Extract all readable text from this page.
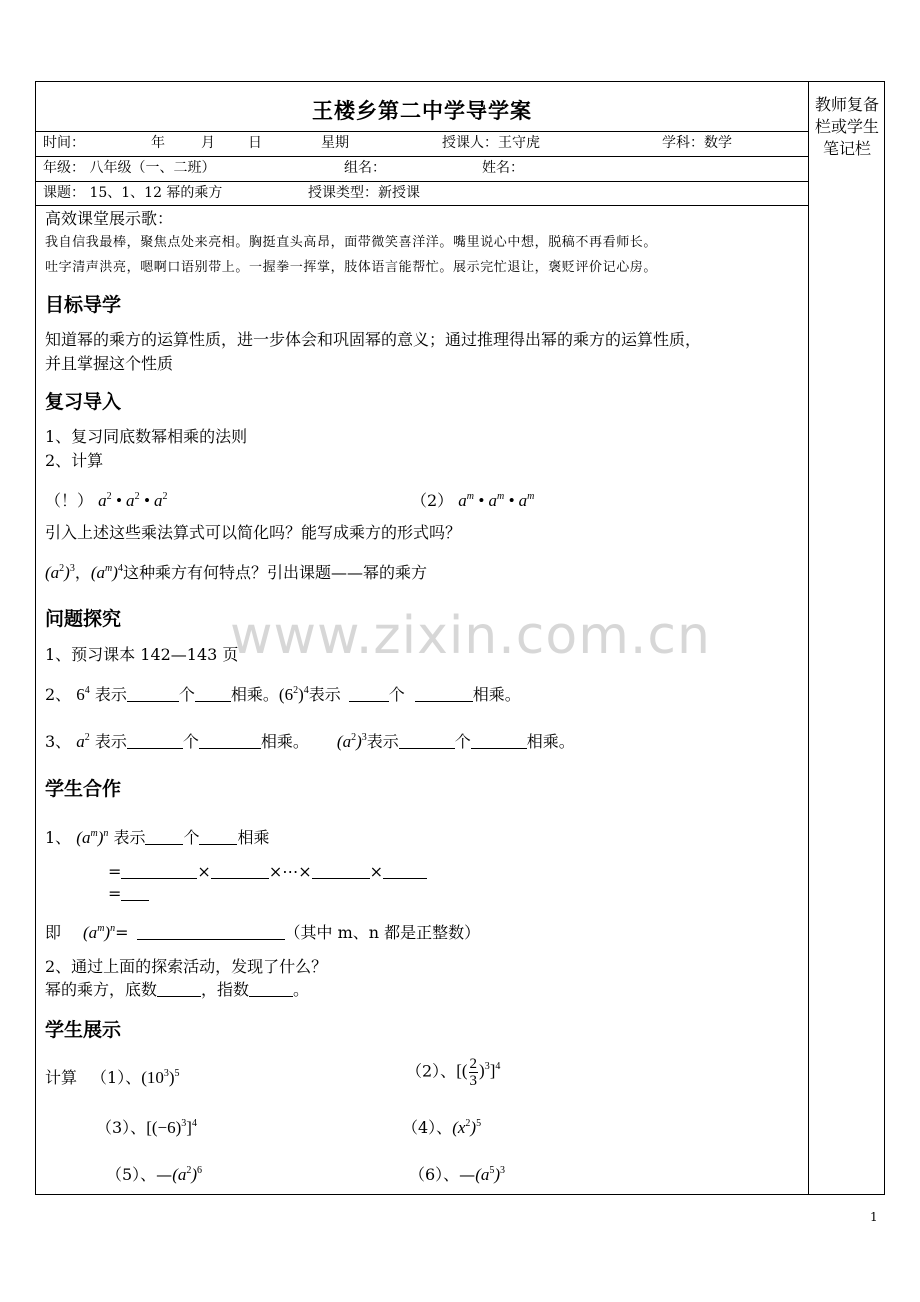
www.zixin.com.cn
教师复备栏或学生笔记栏
王楼乡第二中学导学案
时间：	年	月 日	星期	授课人：王守虎	学科：数学
年级： 八年级（一、二班）	组名：	姓名：
课题： 15、1、12 幂的乘方	授课类型：新授课
高效课堂展示歌：
我自信我最棒，聚焦点处来亮相。胸挺直头高昂，面带微笑喜洋洋。嘴里说心中想，脱稿不再看师长。
吐字清声洪亮，嗯啊口语别带上。一握拳一挥掌，肢体语言能帮忙。展示完忙退让，褒贬评价记心房。
目标导学
知道幂的乘方的运算性质，进一步体会和巩固幂的意义；通过推理得出幂的乘方的运算性质，
并且掌握这个性质
复习导入
1、复习同底数幂相乘的法则
2、计算
（！） $a^2$ • $a^2$ • $a^2$	（2） $a^m$ • $a^m$ • $a^m$
引入上述这些乘法算式可以简化吗？能写成乘方的形式吗？
$(a^2)^3$，$(a^m)^4$这种乘方有何特点？引出课题——幂的乘方
问题探究
1、预习课本 142—143 页
2、 $6^4$ 表示	个 相乘。$(6^2)^4$表示	个	相乘。
3、 $a^2$ 表示	个	相乘。 $(a^2)^3$表示	个	相乘。
学生合作
1、 $(a^m)^n$ 表示 个 相乘
=	×	×⋯×	×
=
即 $(a^m)^n=$	（其中 m、n 都是正整数）
2、通过上面的探索活动，发现了什么？
幂的乘方，底数	，指数	。
学生展示
计算 （1）、$(10^3)^5$	（2）、[( $\frac{2}{3} )^3]^4$
（3）、$[(-6)^3]^4$	（4）、$(x^2)^5$
（5）、$—(a^2)^6$	（6）、$—(a^5)^3$
1
